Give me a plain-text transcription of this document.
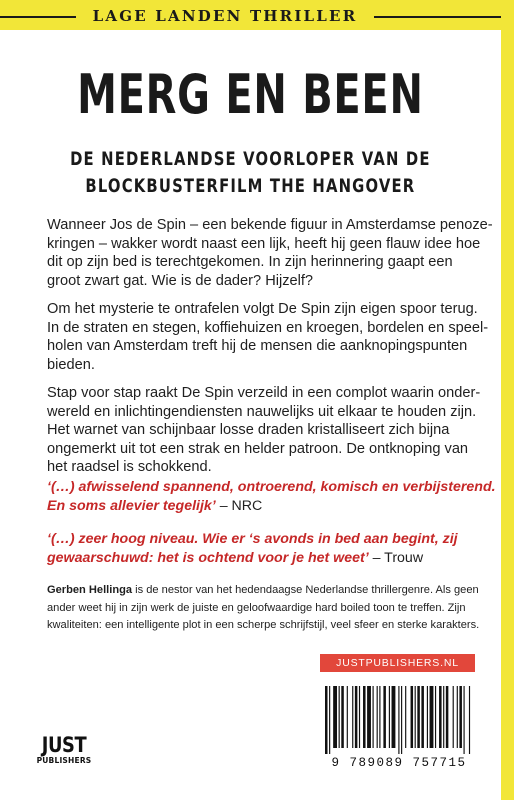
LAGE LANDEN THRILLER
MERG EN BEEN
DE NEDERLANDSE VOORLOPER VAN DE
BLOCKBUSTERFILM THE HANGOVER
Wanneer Jos de Spin – een bekende figuur in Amsterdamse penoze-
kringen – wakker wordt naast een lijk, heeft hij geen flauw idee hoe
dit op zijn bed is terechtgekomen. In zijn herinnering gaapt een
groot zwart gat. Wie is de dader? Hijzelf?
Om het mysterie te ontrafelen volgt De Spin zijn eigen spoor terug.
In de straten en stegen, koffiehuizen en kroegen, bordelen en speel-
holen van Amsterdam treft hij de mensen die aanknopingspunten
bieden.
Stap voor stap raakt De Spin verzeild in een complot waarin onder-
wereld en inlichtingendiensten nauwelijks uit elkaar te houden zijn.
Het warnet van schijnbaar losse draden kristalliseert zich bijna
ongemerkt uit tot een strak en helder patroon. De ontknoping van
het raadsel is schokkend.
‘(…) afwisselend spannend, ontroerend, komisch en verbijsterend.
En soms allevier tegelijk’ – NRC
‘(…) zeer hoog niveau. Wie er ‘s avonds in bed aan begint, zij
gewaarschuwd: het is ochtend voor je het weet’ – Trouw
Gerben Hellinga is de nestor van het hedendaagse Nederlandse thrillergenre. Als geen
ander weet hij in zijn werk de juiste en geloofwaardige hard boiled toon te treffen. Zijn
kwaliteiten: een intelligente plot in een scherpe schrijfstijl, veel sfeer en sterke karakters.
JUSTPUBLISHERS.NL
JUST
PUBLISHERS	9 789089 757715
